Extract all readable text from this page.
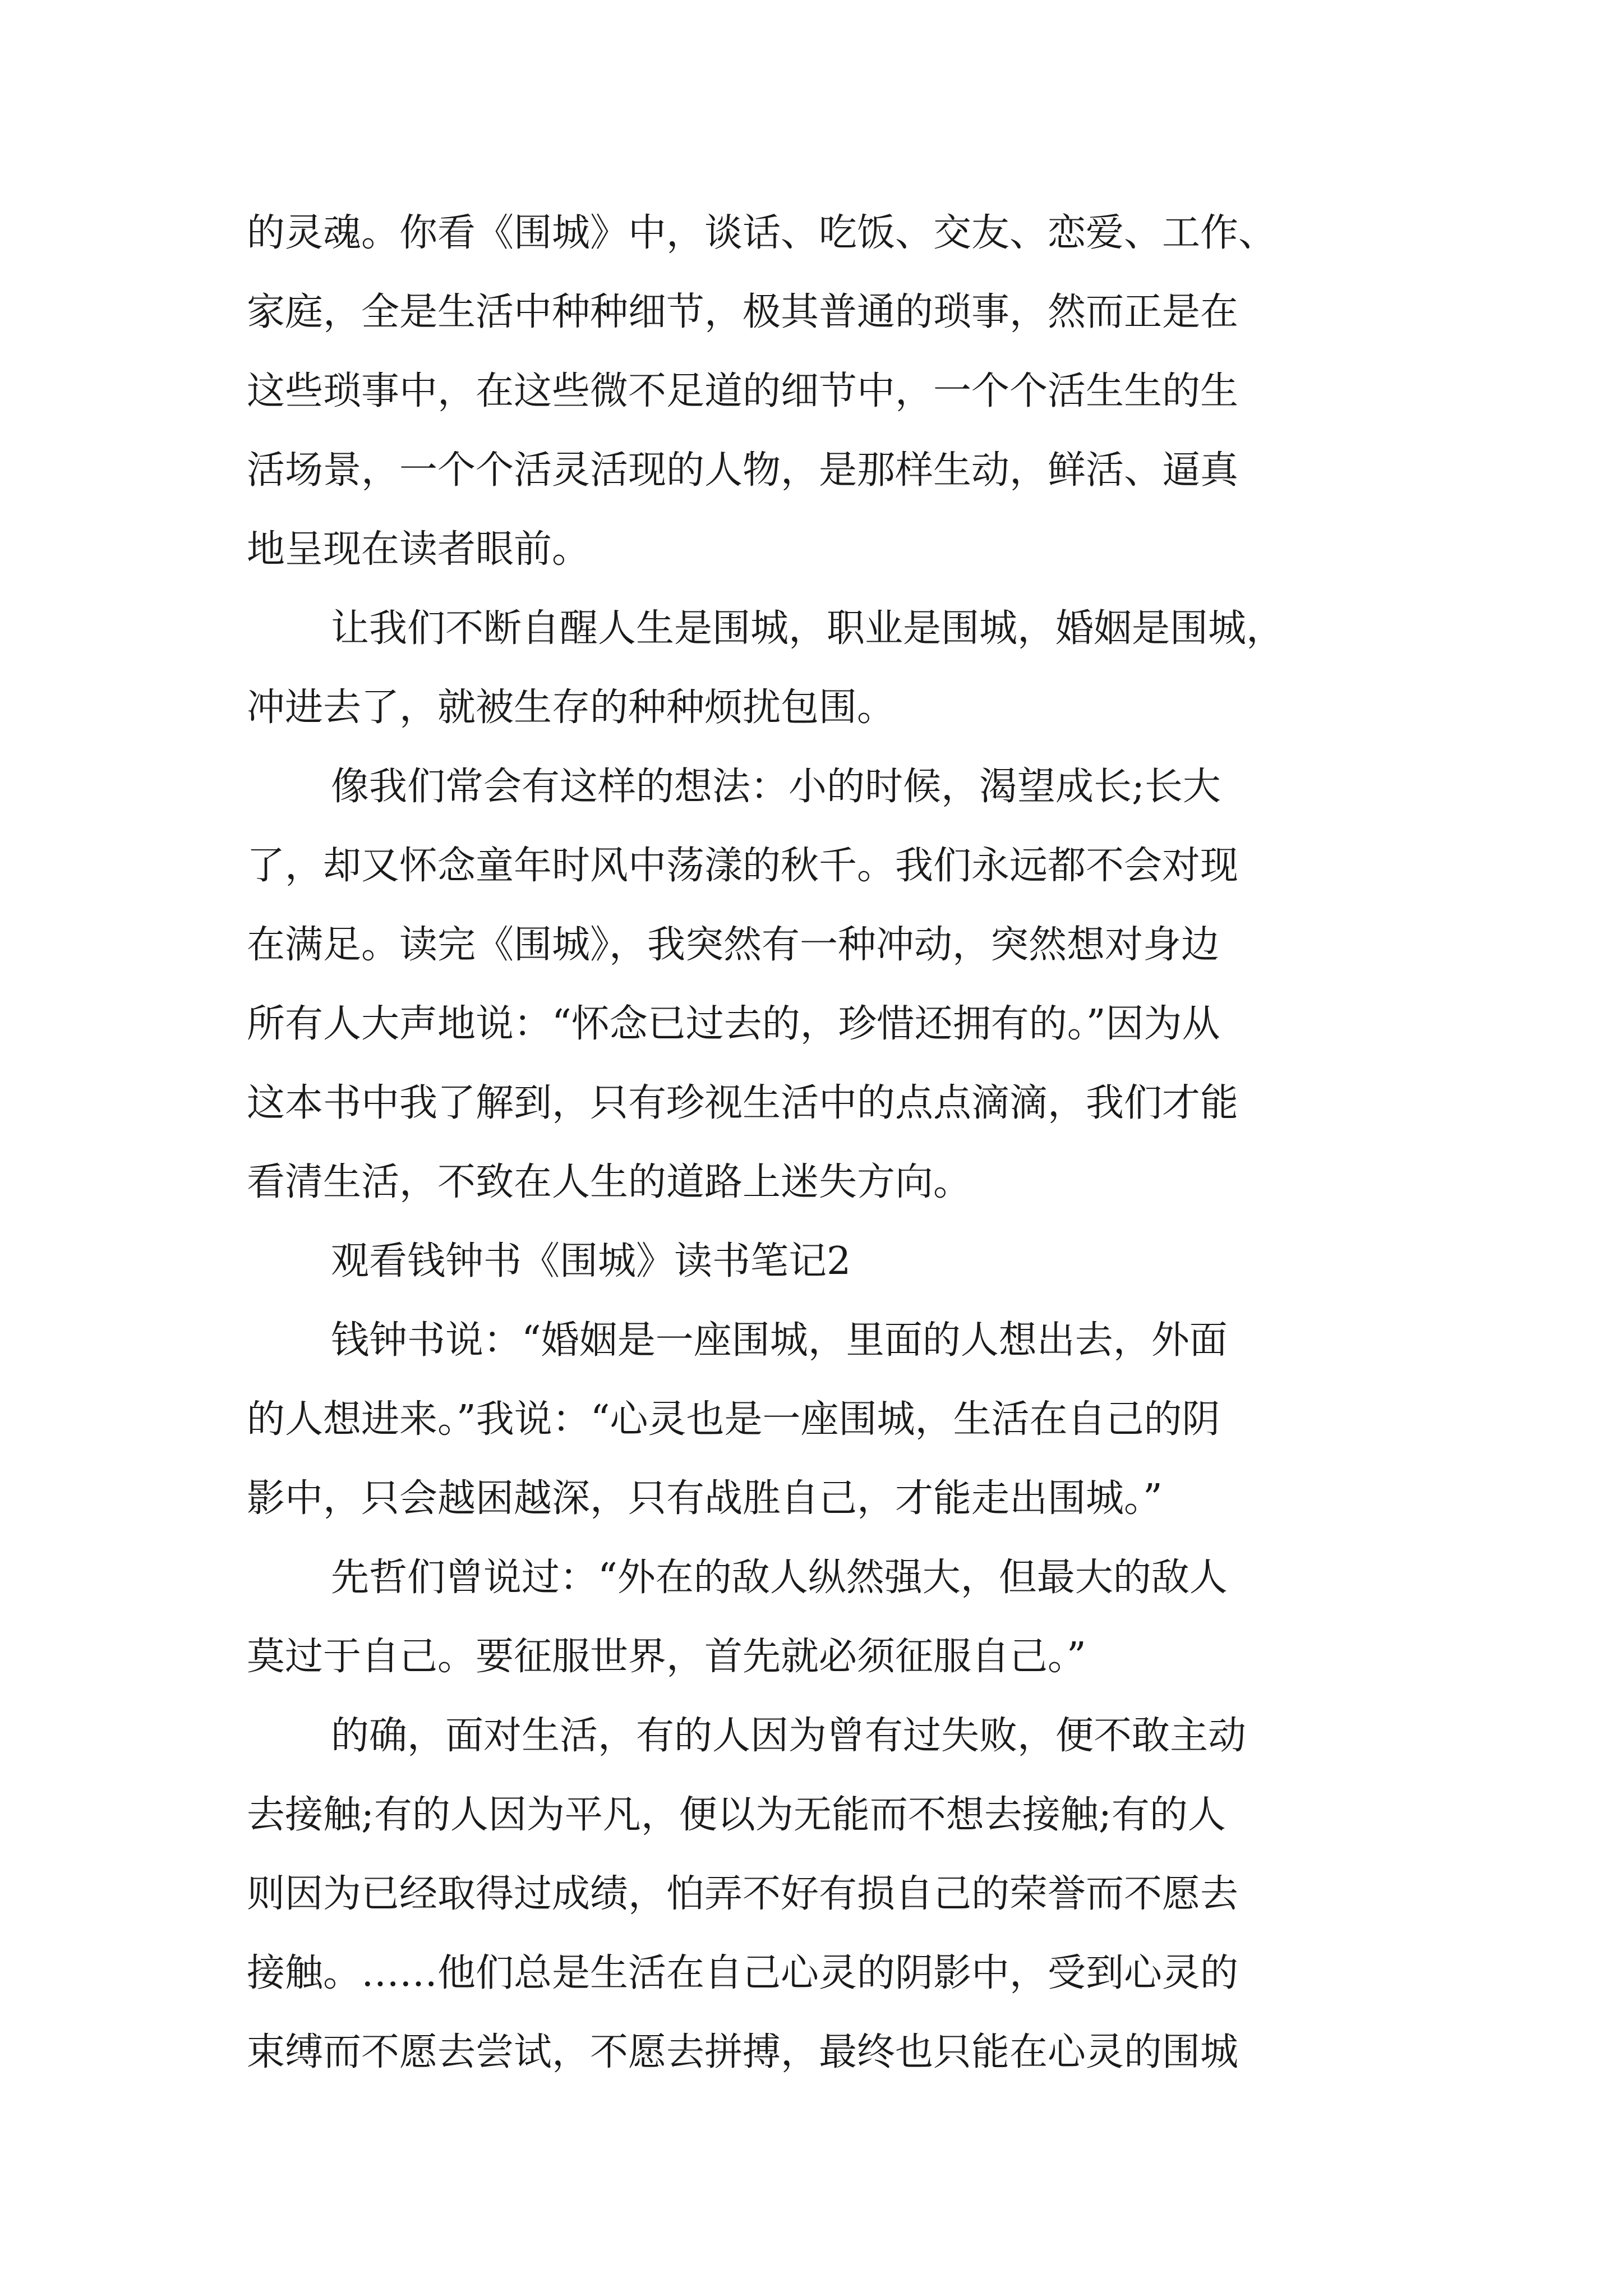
的灵魂。你看《围城》中，谈话、吃饭、交友、恋爱、工作、
家庭，全是生活中种种细节，极其普通的琐事，然而正是在
这些琐事中，在这些微不足道的细节中，一个个活生生的生
活场景，一个个活灵活现的人物，是那样生动，鲜活、逼真
地呈现在读者眼前。
让我们不断自醒人生是围城，职业是围城，婚姻是围城，
冲进去了，就被生存的种种烦扰包围。
像我们常会有这样的想法：小的时候，渴望成长;长大
了，却又怀念童年时风中荡漾的秋千。我们永远都不会对现
在满足。读完《围城》，我突然有一种冲动，突然想对身边
所有人大声地说：“怀念已过去的，珍惜还拥有的。”因为从
这本书中我了解到，只有珍视生活中的点点滴滴，我们才能
看清生活，不致在人生的道路上迷失方向。
观看钱钟书《围城》读书笔记2
钱钟书说：“婚姻是一座围城，里面的人想出去，外面
的人想进来。”我说：“心灵也是一座围城，生活在自己的阴
影中，只会越困越深，只有战胜自己，才能走出围城。”
先哲们曾说过：“外在的敌人纵然强大，但最大的敌人
莫过于自己。要征服世界，首先就必须征服自己。”
的确，面对生活，有的人因为曾有过失败，便不敢主动
去接触;有的人因为平凡，便以为无能而不想去接触;有的人
则因为已经取得过成绩，怕弄不好有损自己的荣誉而不愿去
接触。……他们总是生活在自己心灵的阴影中，受到心灵的
束缚而不愿去尝试，不愿去拼搏，最终也只能在心灵的围城
